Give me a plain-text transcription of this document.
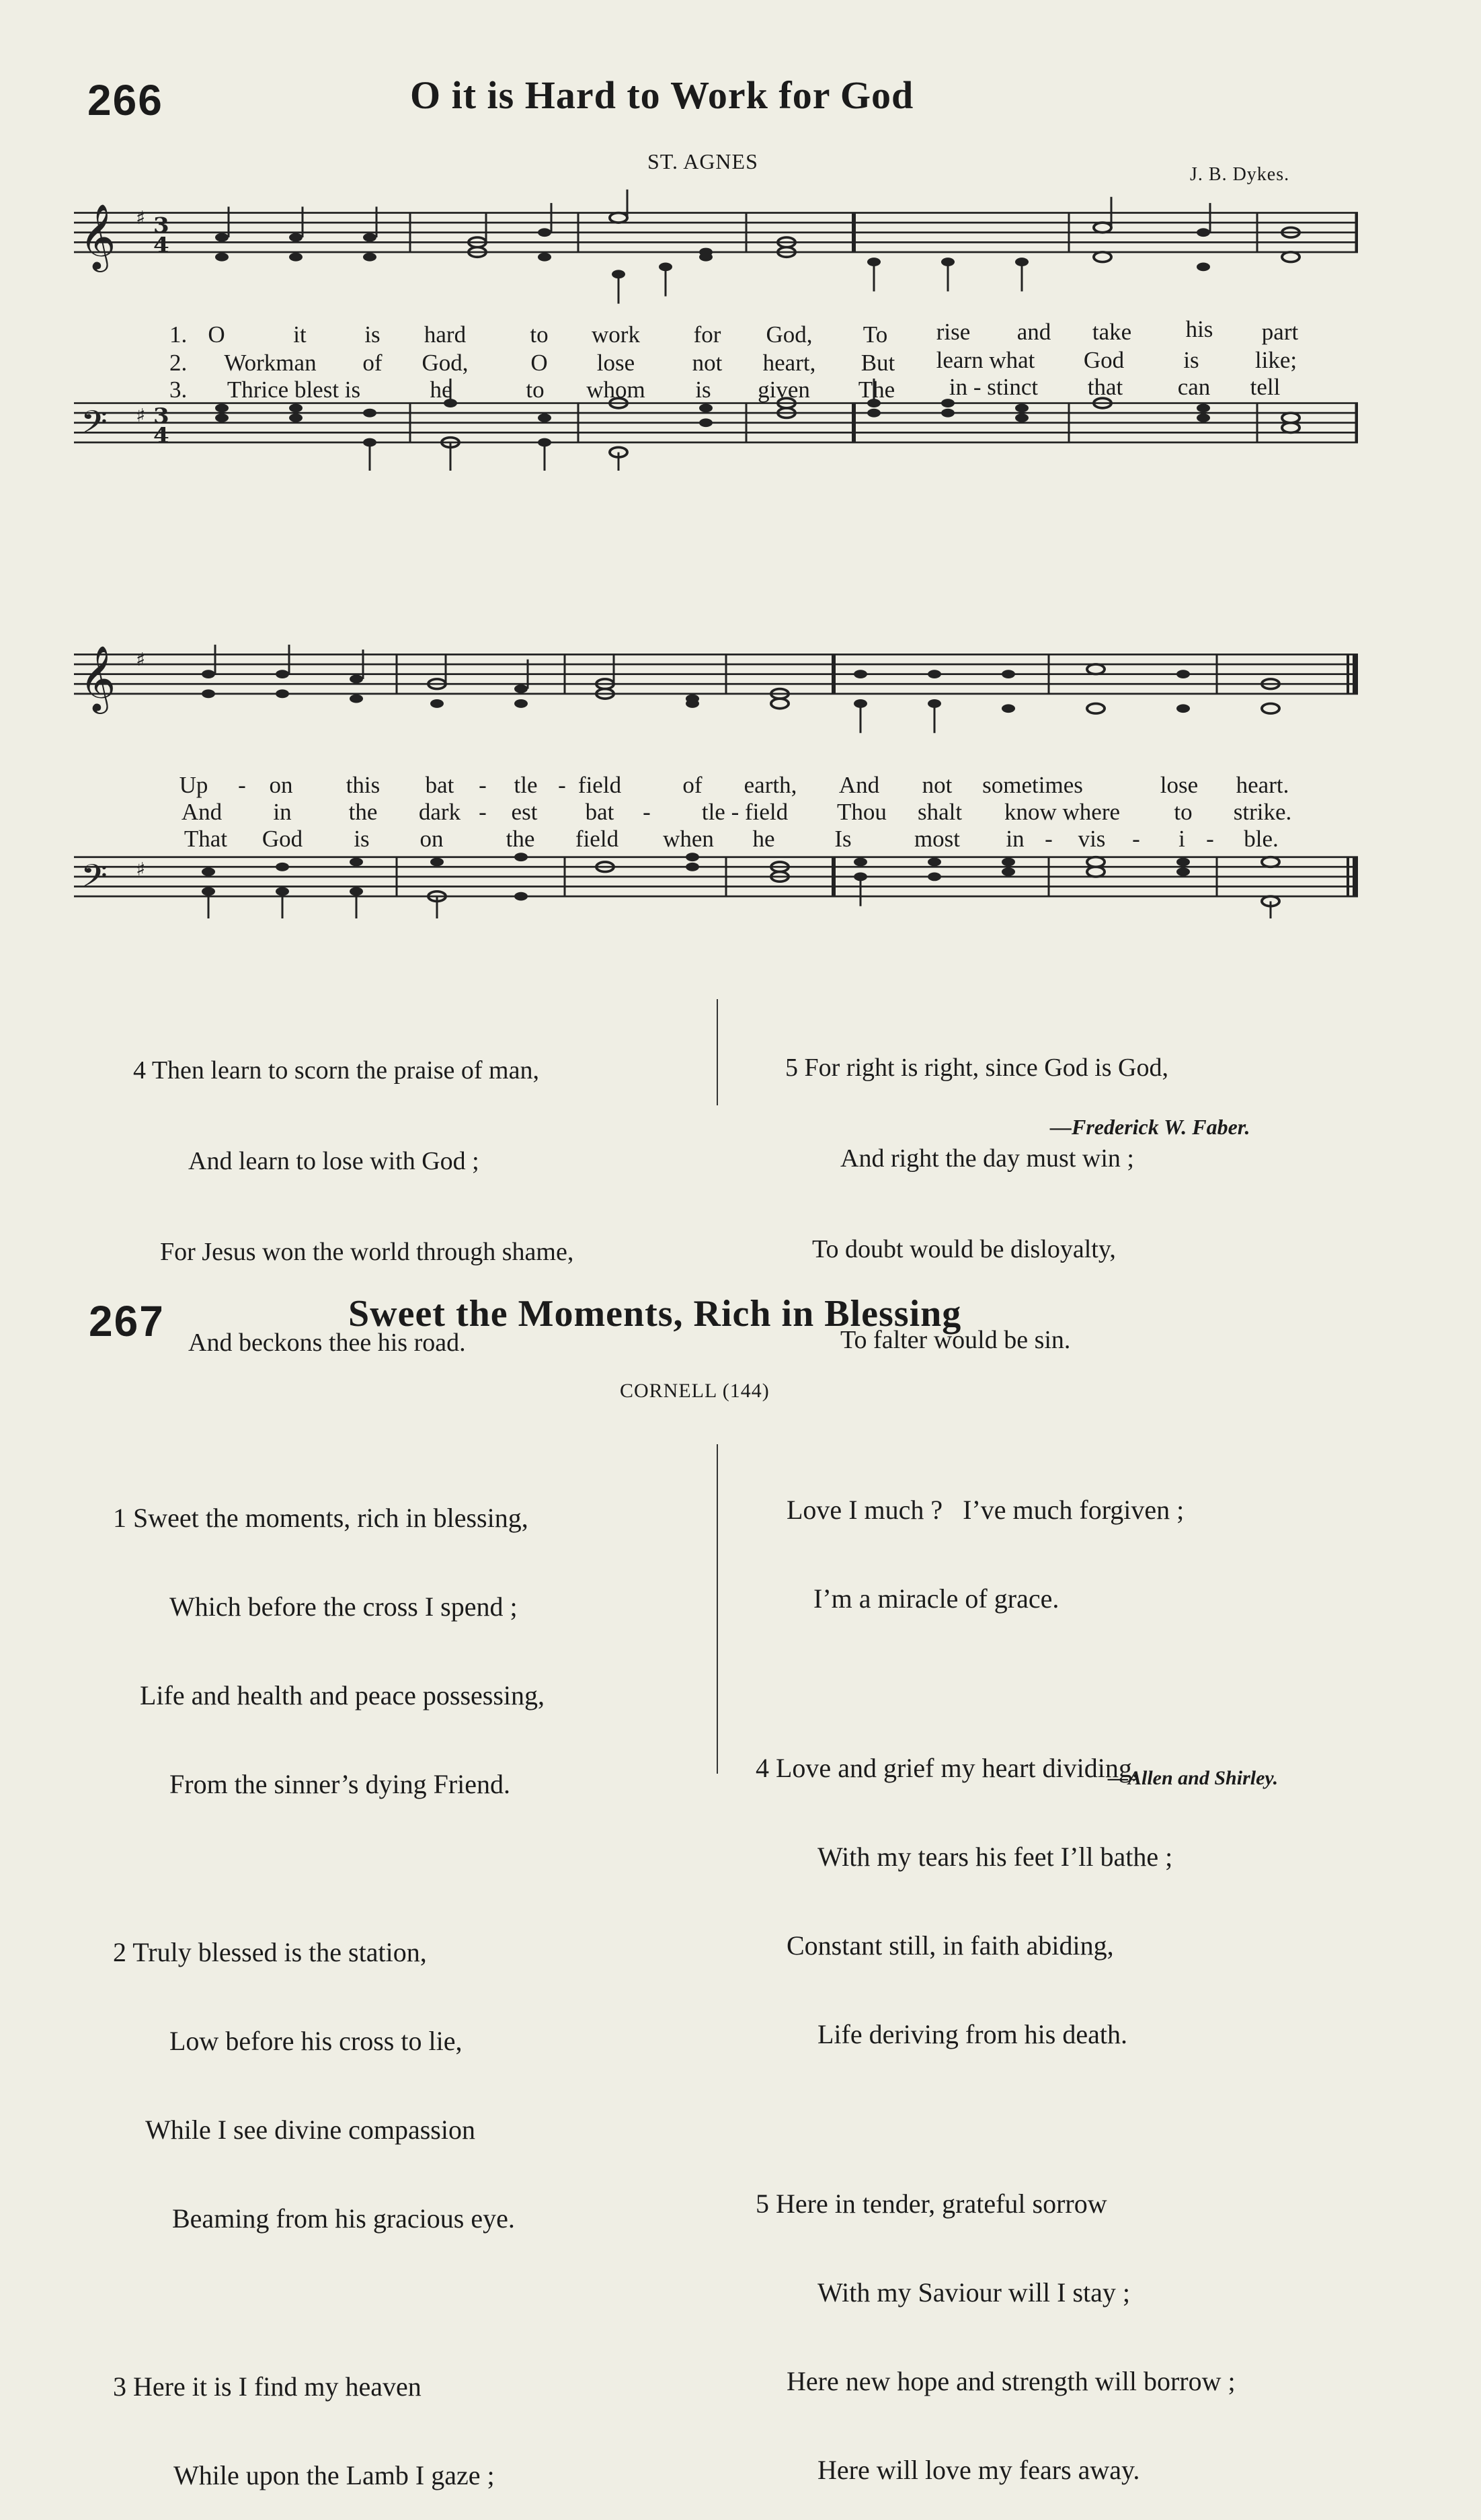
266	O it is Hard to Work for God
ST. AGNES
J. B. Dykes.
𝄞
𝄢
♯
♯
3
4
3
4
1.
2.
3.
O	it is hard	to work for God, To rise and take his part
Workman of God,	O lose not heart, But learn what God	is like;
Thrice blest is	he	to whom is given The in - stinct that can tell
𝄞
𝄢
♯
♯
Up - on this bat - tle - field	of earth, And not sometimes	lose heart.
And in the dark - est bat - tle - field Thou shalt know where to strike.
That God is on	the field when he	Is	most in - vis - i - ble.

4 Then learn to scorn the praise of man,

And learn to lose with God ;

For Jesus won the world through shame,

And beckons thee his road.

5 For right is right, since God is God,

And right the day must win ;

To doubt would be disloyalty,

To falter would be sin.

—Frederick W. Faber.
267	Sweet the Moments, Rich in Blessing
CORNELL (144)

1 Sweet the moments, rich in blessing,

Which before the cross I spend ;

Life and health and peace possessing,

From the sinner’s dying Friend.

2 Truly blessed is the station,

Low before his cross to lie,

While I see divine compassion

Beaming from his gracious eye.

3 Here it is I find my heaven

While upon the Lamb I gaze ;

Love I much ?   I’ve much forgiven ;

I’m a miracle of grace.

4 Love and grief my heart dividing,

With my tears his feet I’ll bathe ;

Constant still, in faith abiding,

Life deriving from his death.

5 Here in tender, grateful sorrow

With my Saviour will I stay ;

Here new hope and strength will borrow ;

Here will love my fears away.

—Allen and Shirley.
